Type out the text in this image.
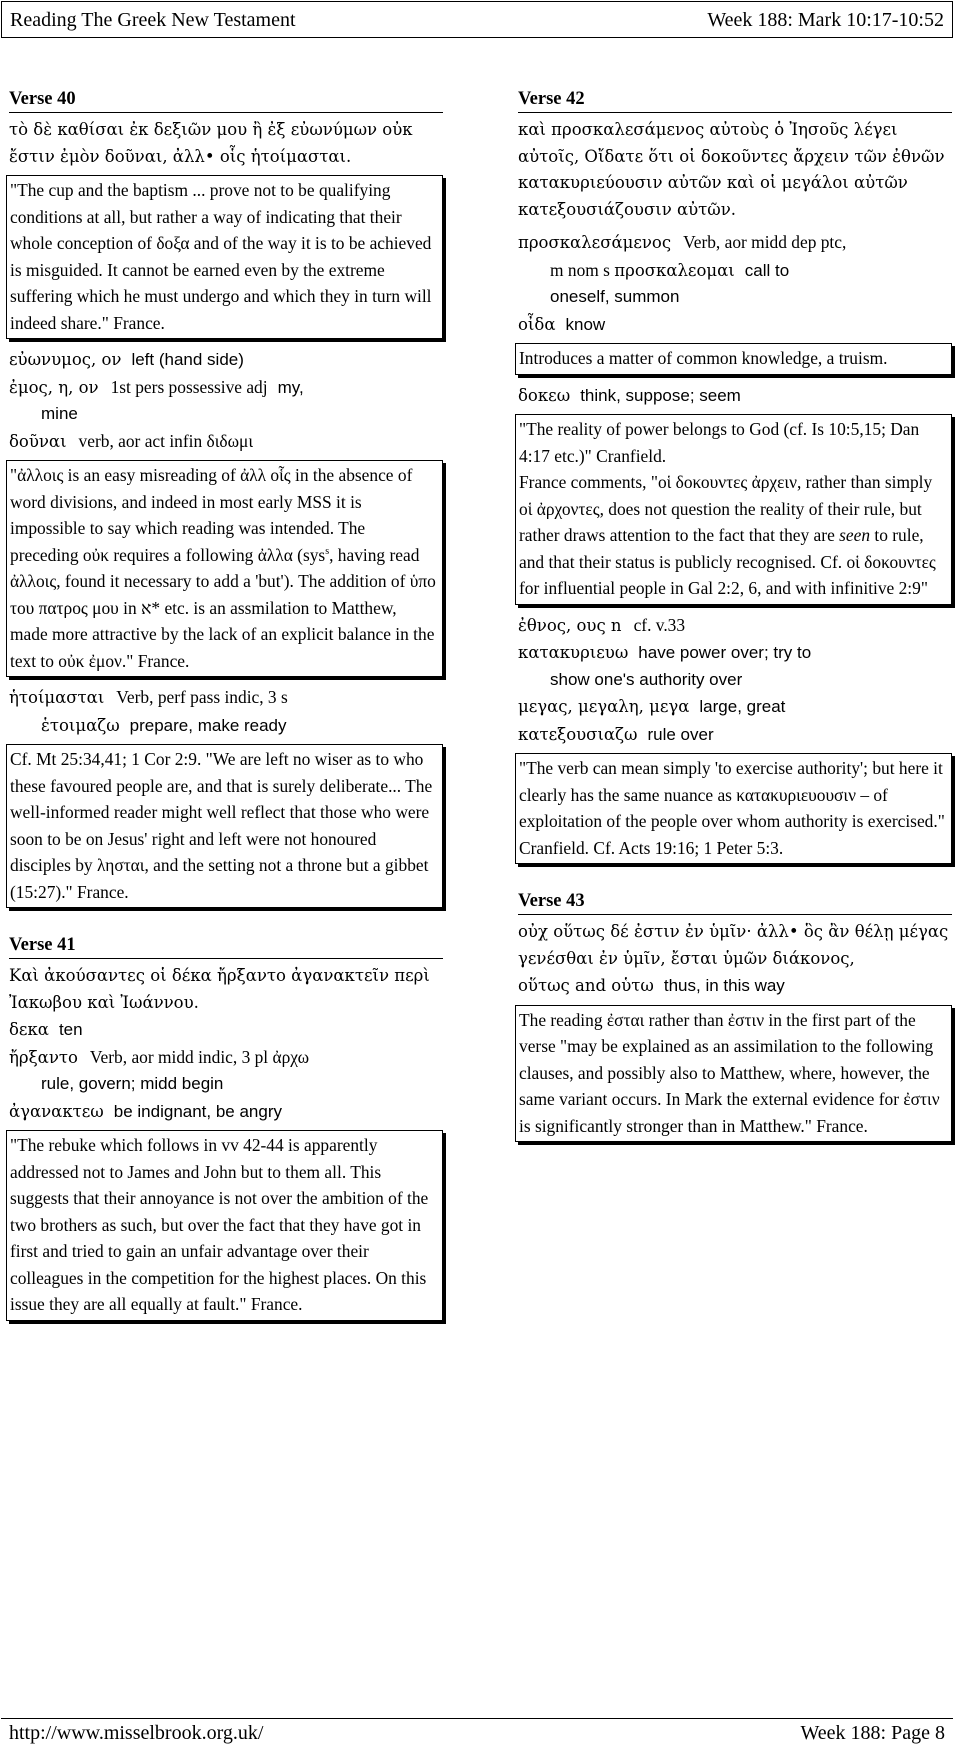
Reading The Greek New Testament	Week 188: Mark 10:17-10:52
Verse 40
τὸ δὲ καθίσαι ἐκ δεξιῶν μου ἢ ἐξ εὐωνύμων οὐκ ἔστιν ἐμὸν δοῦναι, ἀλλ• οἷς ἡτοίμασται.
"The cup and the baptism ... prove not to be qualifying conditions at all, but rather a way of indicating that their whole conception of δοξα and of the way it is to be achieved is misguided. It cannot be earned even by the extreme suffering which he must undergo and which they in turn will indeed share." France.
εὐωνυμος, ον left (hand side)
ἐμος, η, ον 1st pers possessive adj my,
mine
δοῦναι verb, aor act infin διδωμι
"ἀλλοις is an easy misreading of ἀλλ οἷς in the absence of word divisions, and indeed in most early MSS it is impossible to say which reading was intended. The preceding οὐκ requires a following ἀλλα (sys$^s$, having read ἀλλοις, found it necessary to add a 'but'). The addition of ὑπο του πατρος μου in א* etc. is an assmilation to Matthew, made more attractive by the lack of an explicit balance in the text to οὐκ ἐμον." France.
ἡτοίμασται Verb, perf pass indic, 3 s
ἑτοιμαζω prepare, make ready
Cf. Mt 25:34,41; 1 Cor 2:9. "We are left no wiser as to who these favoured people are, and that is surely deliberate... The well-informed reader might well reflect that those who were soon to be on Jesus' right and left were not honoured disciples by λησται, and the setting not a throne but a gibbet (15:27)." France.
Verse 41
Καὶ ἀκούσαντες οἱ δέκα ἤρξαντο ἀγανακτεῖν περὶ Ἰακωβου καὶ Ἰωάννου.
δεκα ten
ἤρξαντο Verb, aor midd indic, 3 pl ἀρχω
rule, govern; midd begin
ἀγανακτεω be indignant, be angry
"The rebuke which follows in vv 42-44 is apparently addressed not to James and John but to them all. This suggests that their annoyance is not over the ambition of the two brothers as such, but over the fact that they have got in first and tried to gain an unfair advantage over their colleagues in the competition for the highest places. On this issue they are all equally at fault." France.
Verse 42
καὶ προσκαλεσάμενος αὐτοὺς ὁ Ἰησοῦς λέγει αὐτοῖς, Οἴδατε ὅτι οἱ δοκοῦντες ἄρχειν τῶν ἐθνῶν κατακυριεύουσιν αὐτῶν καὶ οἱ μεγάλοι αὐτῶν κατεξουσιάζουσιν αὐτῶν.
προσκαλεσάμενος Verb, aor midd dep ptc,
m nom s προσκαλεομαι call to
oneself, summon
οἶδα know
Introduces a matter of common knowledge, a truism.
δοκεω think, suppose; seem
"The reality of power belongs to God (cf. Is 10:5,15; Dan 4:17 etc.)" Cranfield.
France comments, "οἱ δοκουντες ἀρχειν, rather than simply οἱ ἀρχοντες, does not question the reality of their rule, but rather draws attention to the fact that they are seen to rule, and that their status is publicly recognised. Cf. οἱ δοκουντες for influential people in Gal 2:2, 6, and with infinitive 2:9"
ἐθνος, ους n cf. v.33
κατακυριευω have power over; try to
show one's authority over
μεγας, μεγαλη, μεγα large, great
κατεξουσιαζω rule over
"The verb can mean simply 'to exercise authority'; but here it clearly has the same nuance as κατακυριευουσιν – of exploitation of the people over whom authority is exercised." Cranfield. Cf. Acts 19:16; 1 Peter 5:3.
Verse 43
οὐχ οὕτως δέ ἐστιν ἐν ὑμῖν· ἀλλ• ὃς ἂν θέλῃ μέγας γενέσθαι ἐν ὑμῖν, ἔσται ὑμῶν διάκονος,
οὕτως and οὑτω thus, in this way
The reading ἐσται rather than ἐστιν in the first part of the verse "may be explained as an assimilation to the following clauses, and possibly also to Matthew, where, however, the same variant occurs. In Mark the external evidence for ἐστιν is significantly stronger than in Matthew." France.
http://www.misselbrook.org.uk/	Week 188: Page 8
